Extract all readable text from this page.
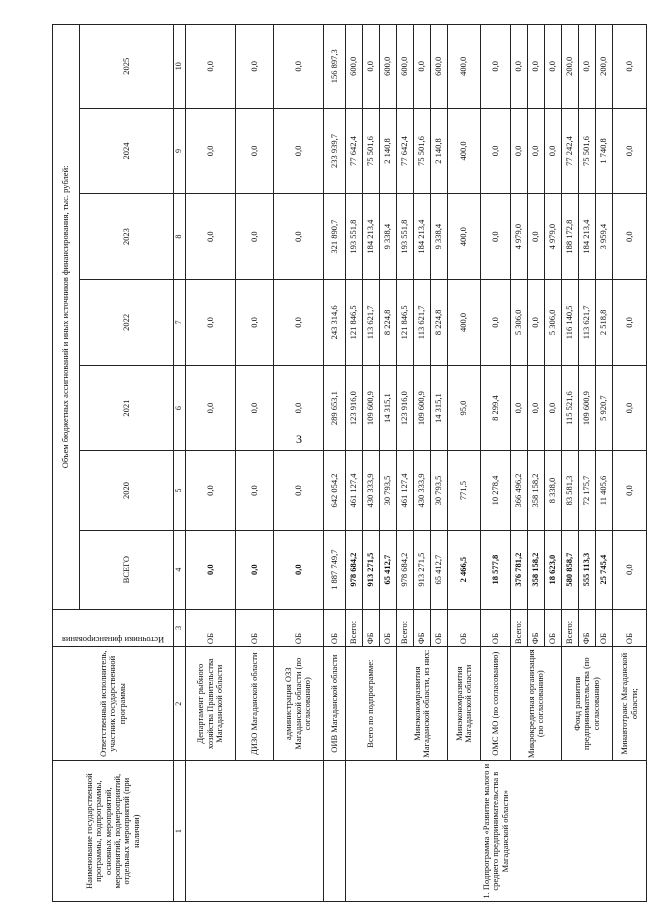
3
Наименование государственной программы, подпрограммы, основных мероприятий, мероприятий, подмероприятий, отдельных мероприятий (при наличии)	Ответственный исполнитель, участник государственной программы	Источники финансирования	Объем бюджетных ассигнований и иных источников финансирования, тыс. рублей:						
			ВСЕГО	2020	2021	2022	2023	2024	2025
1	2	3	4	5	6	7	8	9	10
	Департамент рыбного хозяйства Правительства Магаданской области	ОБ	0,0	0,0	0,0	0,0	0,0	0,0	0,0
	ДИЗО Магаданской области	ОБ	0,0	0,0	0,0	0,0	0,0	0,0	0,0
	администрация ОЗЗ Магаданской области (по согласованию)	ОБ	0,0	0,0	0,0	0,0	0,0	0,0	0,0
	ОИВ Магаданской области	ОБ	1 887 749,7	642 054,2	289 653,1	243 314,6	321 890,7	233 939,7	156 897,3
1. Подпрограмма «Развитие малого и среднего предпринимательства в Магаданской области»	Всего по подпрограмме:	Всего:	978 684,2	461 127,4	123 916,0	121 846,5	193 551,8	77 642,4	600,0
		ФБ	913 271,5	430 333,9	109 600,9	113 621,7	184 213,4	75 501,6	0,0
		ОБ	65 412,7	30 793,5	14 315,1	8 224,8	9 338,4	2 140,8	600,0
	Минэкономразвития Магаданской области, из них:	Всего:	978 684,2	461 127,4	123 916,0	121 846,5	193 551,8	77 642,4	600,0
		ФБ	913 271,5	430 333,9	109 600,9	113 621,7	184 213,4	75 501,6	0,0
		ОБ	65 412,7	30 793,5	14 315,1	8 224,8	9 338,4	2 140,8	600,0
	Минэкономразвития Магаданской области	ОБ	2 466,5	771,5	95,0	400,0	400,0	400,0	400,0
	ОМС МО (по согласованию)	ОБ	18 577,8	10 278,4	8 299,4	0,0	0,0	0,0	0,0
	Микрокредитная организация (по согласованию)	Всего:	376 781,2	366 496,2	0,0	5 306,0	4 979,0	0,0	0,0
		ФБ	358 158,2	358 158,2	0,0	0,0	0,0	0,0	0,0
		ОБ	18 623,0	8 338,0	0,0	5 306,0	4 979,0	0,0	0,0
	Фонд развития предпринимательства (по согласованию)	Всего:	580 858,7	83 581,3	115 521,6	116 140,5	188 172,8	77 242,4	200,0
		ФБ	555 113,3	72 175,7	109 600,9	113 621,7	184 213,4	75 501,6	0,0
		ОБ	25 745,4	11 405,6	5 920,7	2 518,8	3 959,4	1 740,8	200,0
	Минавтотранс Магаданской области;	ОБ	0,0	0,0	0,0	0,0	0,0	0,0	0,0
